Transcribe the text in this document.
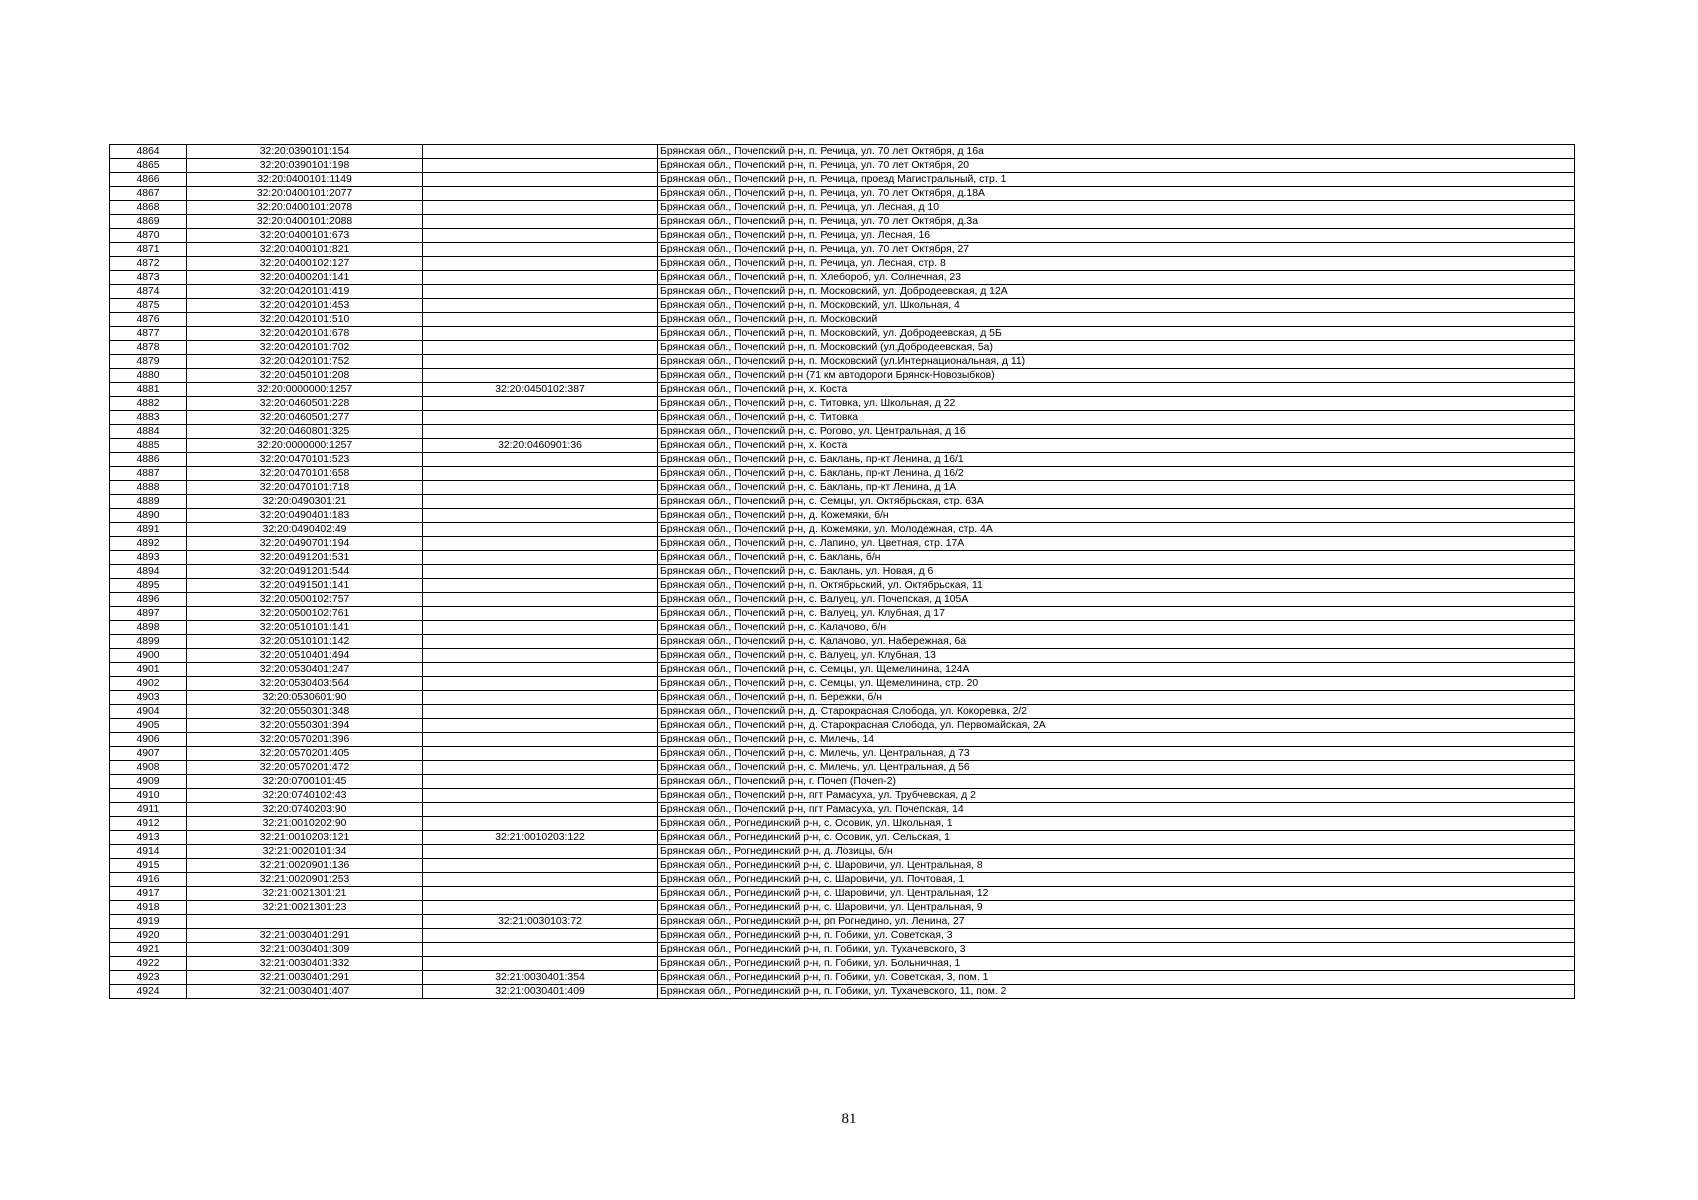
4864	32:20:0390101:154		Брянская обл., Почепский р-н, п. Речица, ул. 70 лет Октября, д 16а
4865	32:20:0390101:198		Брянская обл., Почепский р-н, п. Речица, ул. 70 лет Октября, 20
4866	32:20:0400101:1149		Брянская обл., Почепский р-н, п. Речица, проезд Магистральный, стр. 1
4867	32:20:0400101:2077		Брянская обл., Почепский р-н, п. Речица, ул. 70 лет Октября, д.18А
4868	32:20:0400101:2078		Брянская обл., Почепский р-н, п. Речица, ул. Лесная, д 10
4869	32:20:0400101:2088		Брянская обл., Почепский р-н, п. Речица, ул. 70 лет Октября, д.3а
4870	32:20:0400101:673		Брянская обл., Почепский р-н, п. Речица, ул. Лесная, 16
4871	32:20:0400101:821		Брянская обл., Почепский р-н, п. Речица, ул. 70 лет Октября, 27
4872	32:20:0400102:127		Брянская обл., Почепский р-н, п. Речица, ул. Лесная, стр. 8
4873	32:20:0400201:141		Брянская обл., Почепский р-н, п. Хлебороб, ул. Солнечная, 23
4874	32:20:0420101:419		Брянская обл., Почепский р-н, п. Московский, ул. Добродеевская, д 12А
4875	32:20:0420101:453		Брянская обл., Почепский р-н, п. Московский, ул. Школьная, 4
4876	32:20:0420101:510		Брянская обл., Почепский р-н, п. Московский
4877	32:20:0420101:678		Брянская обл., Почепский р-н, п. Московский, ул. Добродеевская, д 5Б
4878	32:20:0420101:702		Брянская обл., Почепский р-н, п. Московский (ул.Добродеевская, 5а)
4879	32:20:0420101:752		Брянская обл., Почепский р-н, п. Московский (ул.Интернациональная, д 11)
4880	32:20:0450101:208		Брянская обл., Почепский р-н (71 км автодороги Брянск-Новозыбков)
4881	32:20:0000000:1257	32:20:0450102:387	Брянская обл., Почепский р-н, х. Коста
4882	32:20:0460501:228		Брянская обл., Почепский р-н, с. Титовка, ул. Школьная, д 22
4883	32:20:0460501:277		Брянская обл., Почепский р-н, с. Титовка
4884	32:20:0460801:325		Брянская обл., Почепский р-н, с. Рогово, ул. Центральная, д 16
4885	32:20:0000000:1257	32:20:0460901:36	Брянская обл., Почепский р-н, х. Коста
4886	32:20:0470101:523		Брянская обл., Почепский р-н, с. Баклань, пр-кт Ленина, д 16/1
4887	32:20:0470101:658		Брянская обл., Почепский р-н, с. Баклань, пр-кт Ленина, д 16/2
4888	32:20:0470101:718		Брянская обл., Почепский р-н, с. Баклань, пр-кт Ленина, д 1А
4889	32:20:0490301:21		Брянская обл., Почепский р-н, с. Семцы, ул. Октябрьская, стр. 63А
4890	32:20:0490401:183		Брянская обл., Почепский р-н, д. Кожемяки, б/н
4891	32:20:0490402:49		Брянская обл., Почепский р-н, д. Кожемяки, ул. Молодежная, стр. 4А
4892	32:20:0490701:194		Брянская обл., Почепский р-н, с. Лапино, ул. Цветная, стр. 17А
4893	32:20:0491201:531		Брянская обл., Почепский р-н, с. Баклань, б/н
4894	32:20:0491201:544		Брянская обл., Почепский р-н, с. Баклань, ул. Новая, д 6
4895	32:20:0491501:141		Брянская обл., Почепский р-н, п. Октябрьский, ул. Октябрьская, 11
4896	32:20:0500102:757		Брянская обл., Почепский р-н, с. Валуец, ул. Почепская, д 105А
4897	32:20:0500102:761		Брянская обл., Почепский р-н, с. Валуец, ул. Клубная, д 17
4898	32:20:0510101:141		Брянская обл., Почепский р-н, с. Калачово, б/н
4899	32:20:0510101:142		Брянская обл., Почепский р-н, с. Калачово, ул. Набережная, 6а
4900	32:20:0510401:494		Брянская обл., Почепский р-н, с. Валуец, ул. Клубная, 13
4901	32:20:0530401:247		Брянская обл., Почепский р-н, с. Семцы, ул. Щемелинина, 124А
4902	32:20:0530403:564		Брянская обл., Почепский р-н, с. Семцы, ул. Щемелинина, стр. 20
4903	32:20:0530601:90		Брянская обл., Почепский р-н, п. Бережки, б/н
4904	32:20:0550301:348		Брянская обл., Почепский р-н, д. Старокрасная Слобода, ул. Кокоревка, 2/2
4905	32:20:0550301:394		Брянская обл., Почепский р-н, д. Старокрасная Слобода, ул. Первомайская, 2А
4906	32:20:0570201:396		Брянская обл., Почепский р-н, с. Милечь, 14
4907	32:20:0570201:405		Брянская обл., Почепский р-н, с. Милечь, ул. Центральная, д 73
4908	32:20:0570201:472		Брянская обл., Почепский р-н, с. Милечь, ул. Центральная, д 56
4909	32:20:0700101:45		Брянская обл., Почепский р-н, г. Почеп (Почеп-2)
4910	32:20:0740102:43		Брянская обл., Почепский р-н, пгт Рамасуха, ул. Трубчевская, д 2
4911	32:20:0740203:90		Брянская обл., Почепский р-н, пгт Рамасуха, ул. Почепская, 14
4912	32:21:0010202:90		Брянская обл., Рогнединский р-н, с. Осовик, ул. Школьная, 1
4913	32:21:0010203:121	32:21:0010203:122	Брянская обл., Рогнединский р-н, с. Осовик, ул. Сельская, 1
4914	32:21:0020101:34		Брянская обл., Рогнединский р-н, д. Лозицы, б/н
4915	32:21:0020901:136		Брянская обл., Рогнединский р-н, с. Шаровичи, ул. Центральная, 8
4916	32:21:0020901:253		Брянская обл., Рогнединский р-н, с. Шаровичи, ул. Почтовая, 1
4917	32:21:0021301:21		Брянская обл., Рогнединский р-н, с. Шаровичи, ул. Центральная, 12
4918	32:21:0021301:23		Брянская обл., Рогнединский р-н, с. Шаровичи, ул. Центральная, 9
4919		32:21:0030103:72	Брянская обл., Рогнединский р-н, рп Рогнедино, ул. Ленина, 27
4920	32:21:0030401:291		Брянская обл., Рогнединский р-н, п. Гобики, ул. Советская, 3
4921	32:21:0030401:309		Брянская обл., Рогнединский р-н, п. Гобики, ул. Тухачевского, 3
4922	32:21:0030401:332		Брянская обл., Рогнединский р-н, п. Гобики, ул. Больничная, 1
4923	32:21:0030401:291	32:21:0030401:354	Брянская обл., Рогнединский р-н, п. Гобики, ул. Советская, 3, пом. 1
4924	32:21:0030401:407	32:21:0030401:409	Брянская обл., Рогнединский р-н, п. Гобики, ул. Тухачевского, 11, пом. 2
81
